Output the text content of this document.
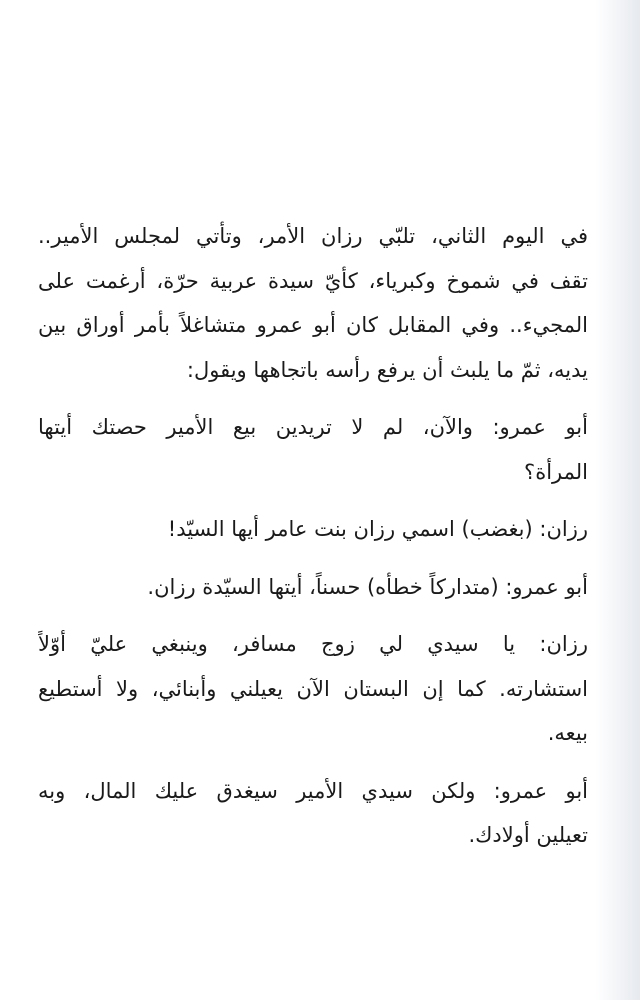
في اليوم الثاني، تلبّي رزان الأمر، وتأتي لمجلس الأمير..
تقف في شموخ وكبرياء، كأيّ سيدة عربية حرّة، أرغمت على
المجيء.. وفي المقابل كان أبو عمرو متشاغلاً بأمر أوراق بين
يديه، ثمّ ما يلبث أن يرفع رأسه باتجاهها ويقول:
أبو عمرو: والآن، لم لا تريدين بيع الأمير حصتك أيتها
المرأة؟
رزان: (بغضب) اسمي رزان بنت عامر أيها السيّد!
أبو عمرو: (متداركاً خطأه) حسناً، أيتها السيّدة رزان.
رزان: يا سيدي لي زوج مسافر، وينبغي عليّ أوّلاً
استشارته. كما إن البستان الآن يعيلني وأبنائي، ولا أستطيع
بيعه.
أبو عمرو: ولكن سيدي الأمير سيغدق عليك المال، وبه
تعيلين أولادك.
